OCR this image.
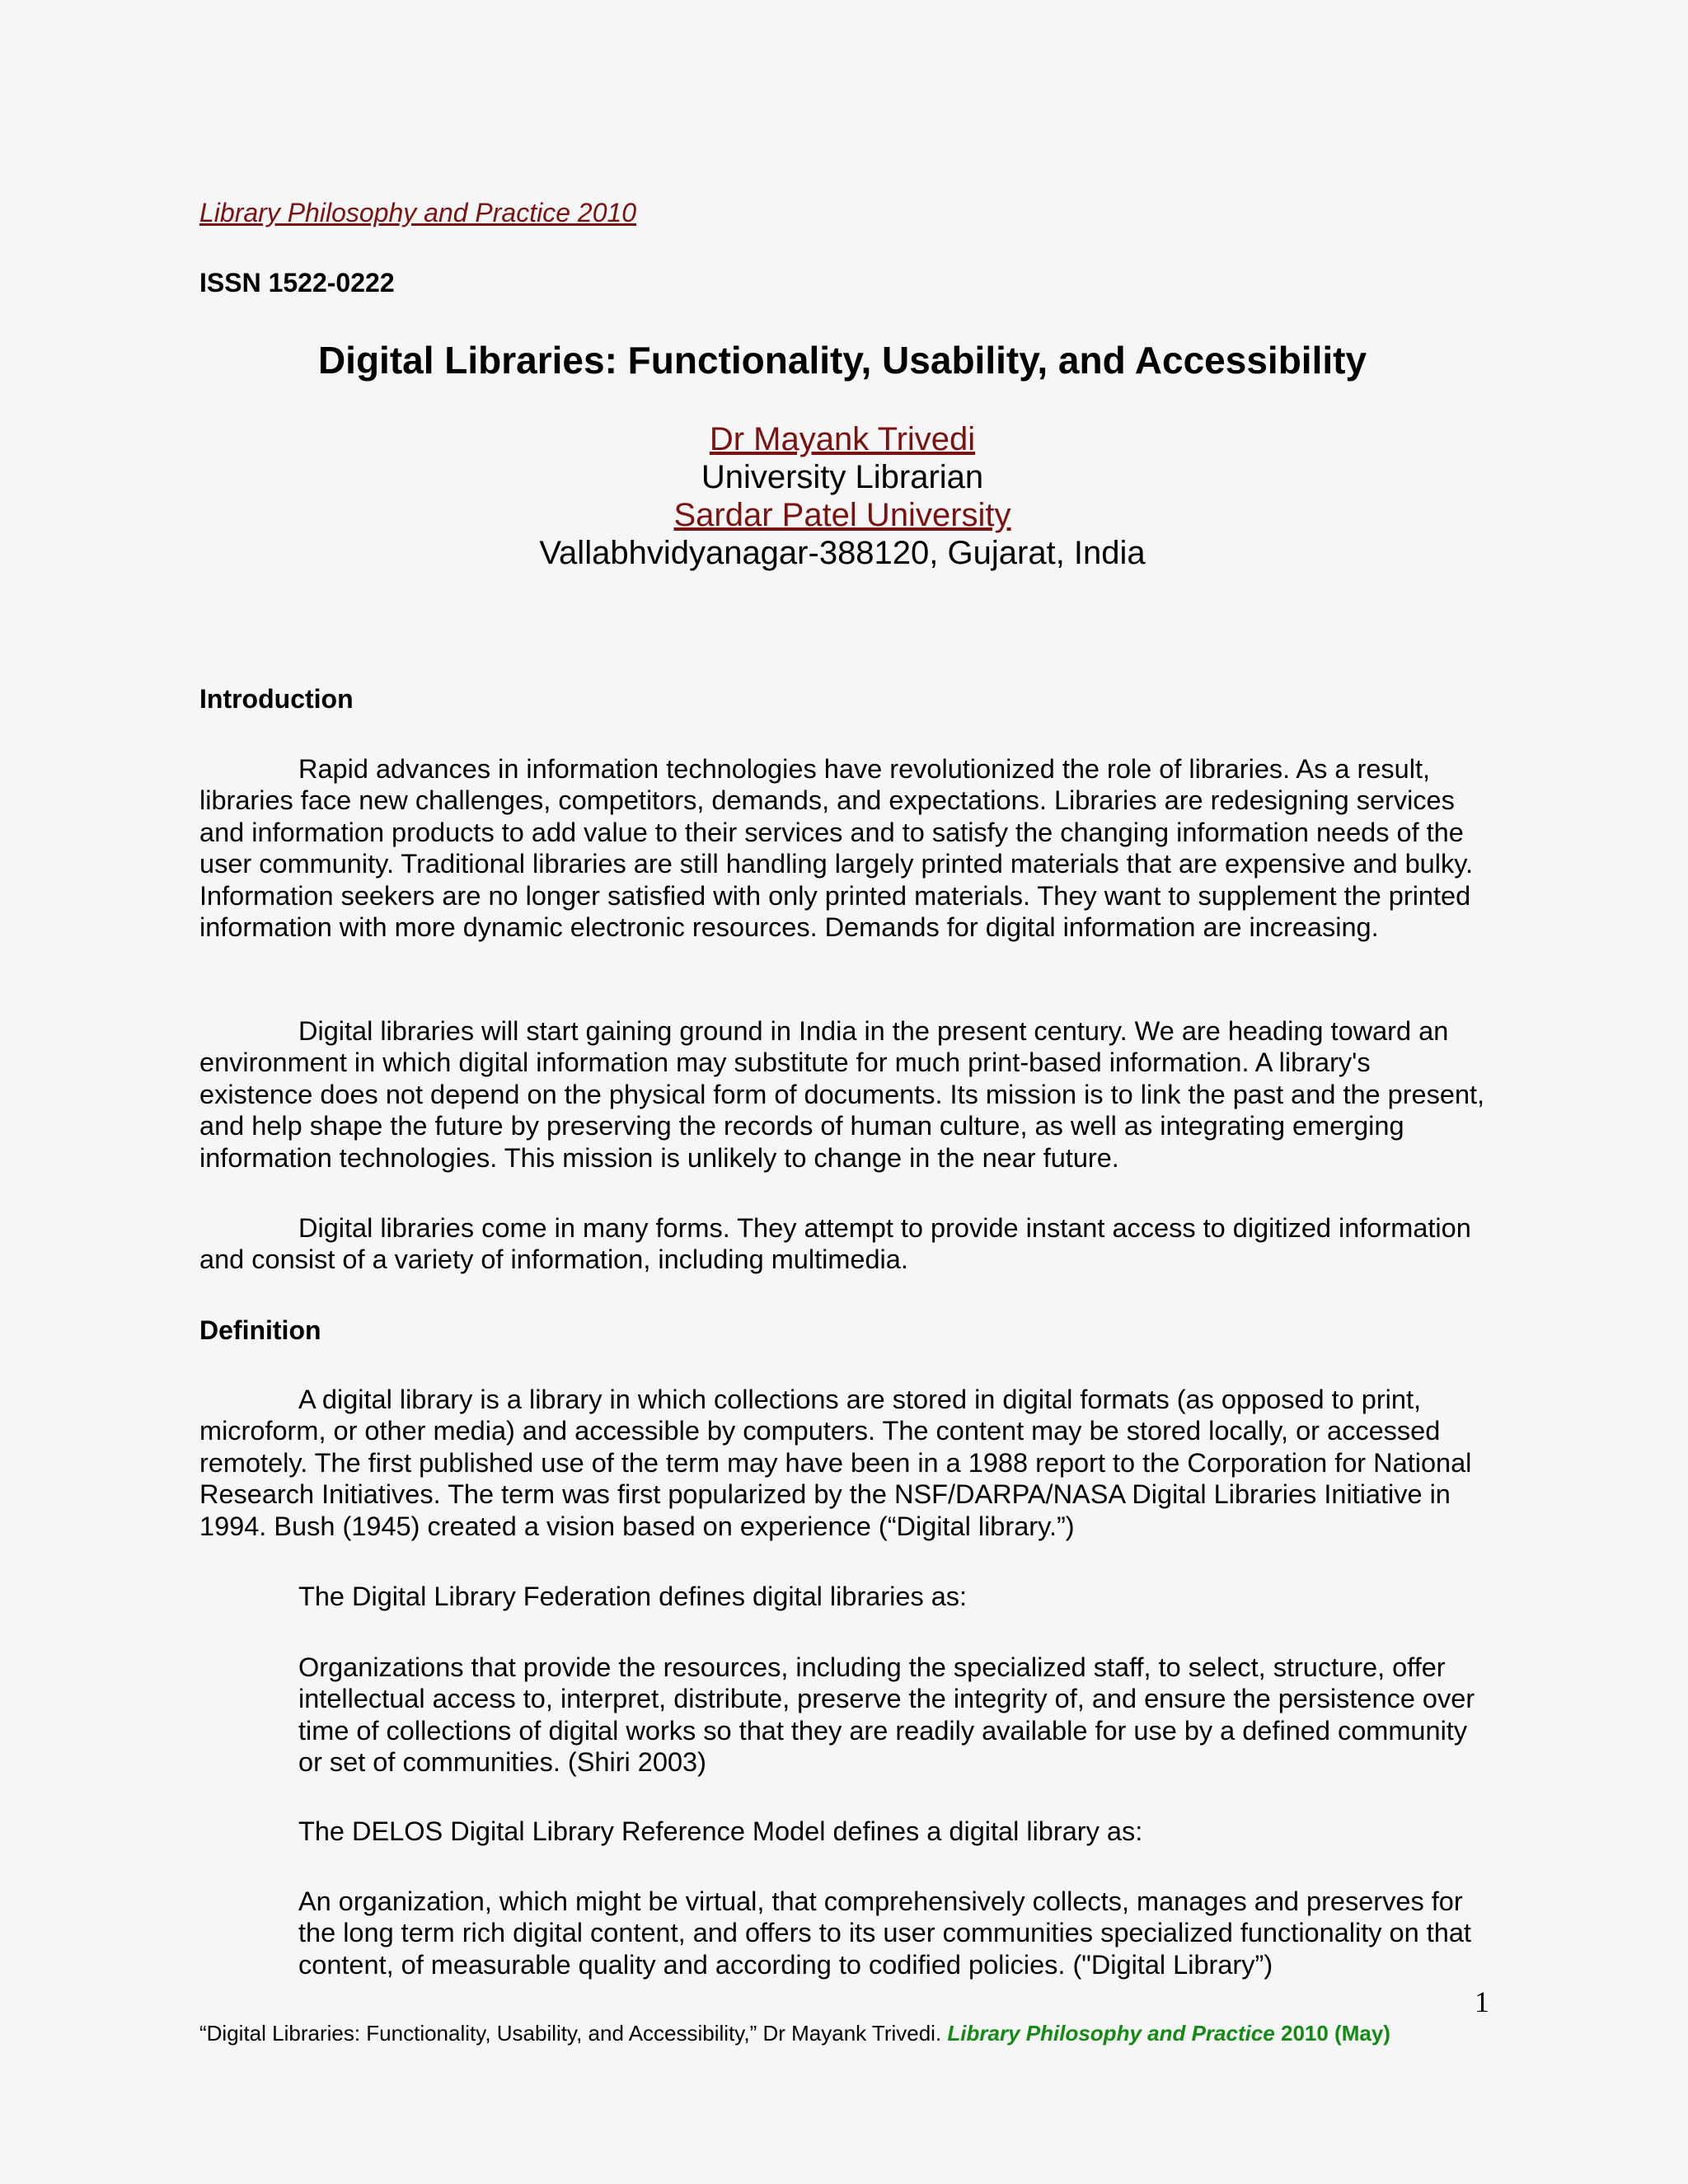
Library Philosophy and Practice 2010
ISSN 1522-0222
Digital Libraries: Functionality, Usability, and Accessibility
Dr Mayank Trivedi
University Librarian
Sardar Patel University
Vallabhvidyanagar-388120, Gujarat, India
Introduction
Rapid advances in information technologies have revolutionized the role of libraries. As a result, libraries face new challenges, competitors, demands, and expectations. Libraries are redesigning services and information products to add value to their services and to satisfy the changing information needs of the user community. Traditional libraries are still handling largely printed materials that are expensive and bulky. Information seekers are no longer satisfied with only printed materials. They want to supplement the printed information with more dynamic electronic resources. Demands for digital information are increasing.
Digital libraries will start gaining ground in India in the present century. We are heading toward an environment in which digital information may substitute for much print-based information. A library's existence does not depend on the physical form of documents. Its mission is to link the past and the present, and help shape the future by preserving the records of human culture, as well as integrating emerging information technologies. This mission is unlikely to change in the near future.
Digital libraries come in many forms. They attempt to provide instant access to digitized information and consist of a variety of information, including multimedia.
Definition
A digital library is a library in which collections are stored in digital formats (as opposed to print, microform, or other media) and accessible by computers. The content may be stored locally, or accessed remotely. The first published use of the term may have been in a 1988 report to the Corporation for National Research Initiatives. The term was first popularized by the NSF/DARPA/NASA Digital Libraries Initiative in 1994. Bush (1945) created a vision based on experience (“Digital library.”)
The Digital Library Federation defines digital libraries as:
Organizations that provide the resources, including the specialized staff, to select, structure, offer intellectual access to, interpret, distribute, preserve the integrity of, and ensure the persistence over time of collections of digital works so that they are readily available for use by a defined community or set of communities. (Shiri 2003)
The DELOS Digital Library Reference Model defines a digital library as:
An organization, which might be virtual, that comprehensively collects, manages and preserves for the long term rich digital content, and offers to its user communities specialized functionality on that content, of measurable quality and according to codified policies. ("Digital Library”)
1
“Digital Libraries: Functionality, Usability, and Accessibility,” Dr Mayank Trivedi. Library Philosophy and Practice 2010 (May)
